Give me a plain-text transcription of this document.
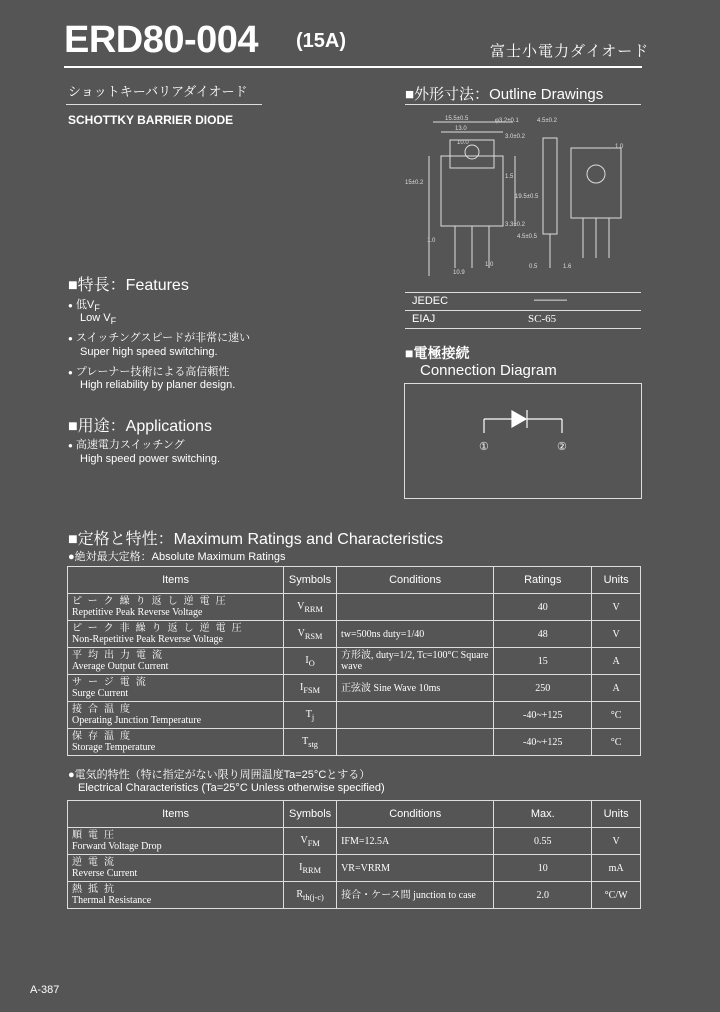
ERD80-004 (15A)	富士小電力ダイオード
ショットキーバリアダイオード
SCHOTTKY BARRIER DIODE
■特長：Features
● 低$V_F$
Low $V_F$
● スイッチングスピードが非常に速い
Super high speed switching.
● プレーナー技術による高信頼性
High reliability by planer design.
■用途：Applications
● 高速電力スイッチング
High speed power switching.
■外形寸法：Outline Drawings
15.5±0.5
13.0
10.0
φ3.2±0.1	4.5±0.2
3.0±0.2
15±0.2
19.5±0.5
1.5
3.3±0.2
4.5±0.5
1.0
10.9
1.0	0.5	1.6
1.0
JEDEC	———
EIAJ	SC-65
■電極接続
Connection Diagram
①	②
■定格と特性：Maximum Ratings and Characteristics
●絶対最大定格：Absolute Maximum Ratings
Items	Symbols	Conditions	Ratings	Units

ピーク繰り返し逆電圧
Repetitive Peak Reverse Voltage	$V_{RRM}$		40	V

ピーク非繰り返し逆電圧
Non-Repetitive Peak Reverse Voltage	$V_{RSM}$	tw=500ns duty=1/40	48	V

平均出力電流
Average Output Current	$I_O$	方形波, duty=1/2, Tc=100°C Square wave	15	A

サージ電流
Surge Current	$I_{FSM}$	正弦波 Sine Wave 10ms	250	A

接合温度
Operating Junction Temperature	$T_j$		-40~+125	°C

保存温度
Storage Temperature	$T_{stg}$		-40~+125	°C
●電気的特性（特に指定がない限り周囲温度Ta=25°Cとする）
Electrical Characteristics (Ta=25°C Unless otherwise specified)
Items	Symbols	Conditions	Max.	Units

順電圧
Forward Voltage Drop	$V_{FM}$	IFM=12.5A	0.55	V

逆電流
Reverse Current	$I_{RRM}$	VR=VRRM	10	mA

熱抵抗
Thermal Resistance	$R_{th(j-c)}$	接合・ケース間 junction to case	2.0	°C/W
A-387
